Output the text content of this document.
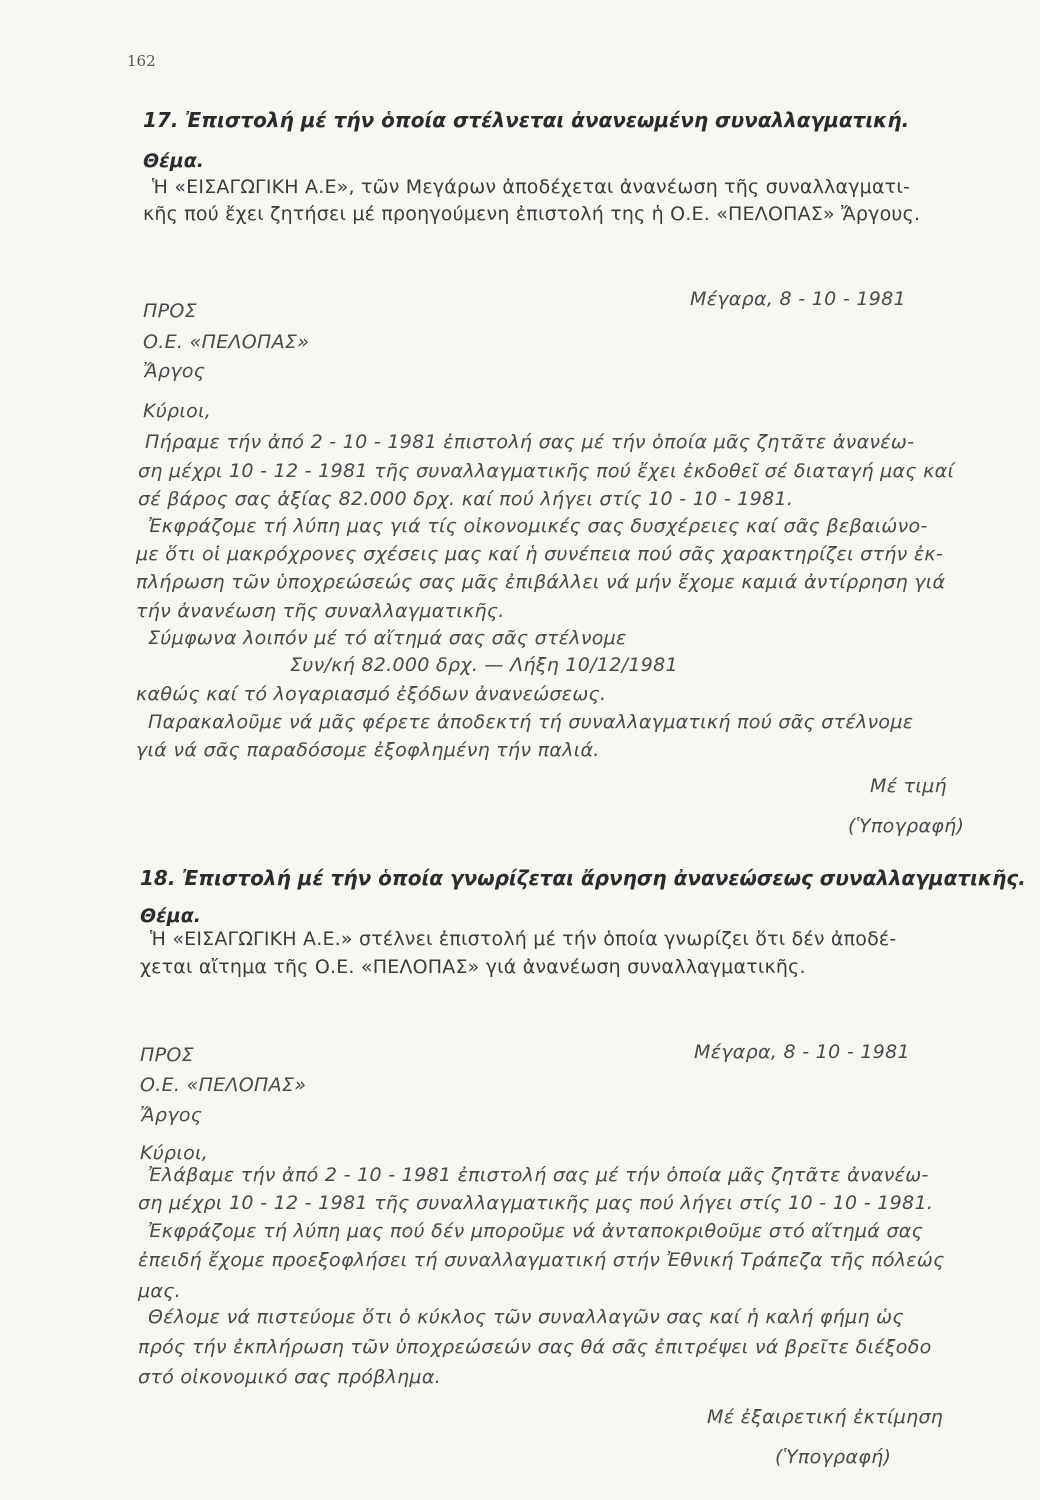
162
17. Ἐπιστολή μέ τήν ὁποία στέλνεται ἀνανεωμένη συναλλαγματική.
Θέμα.
Ἡ «ΕΙΣΑΓΩΓΙΚΗ Α.Ε», τῶν Μεγάρων ἀποδέχεται ἀνανέωση τῆς συναλλαγματι-
κῆς πού ἔχει ζητήσει μέ προηγούμενη ἐπιστολή της ἡ Ο.Ε. «ΠΕΛΟΠΑΣ» Ἄργους.
Μέγαρα, 8 - 10 - 1981
ΠΡΟΣ
Ο.Ε. «ΠΕΛΟΠΑΣ»
Ἄργος
Κύριοι,
Πήραμε τήν ἀπό 2 - 10 - 1981 ἐπιστολή σας μέ τήν ὁποία μᾶς ζητᾶτε ἀνανέω-
ση μέχρι 10 - 12 - 1981 τῆς συναλλαγματικῆς πού ἔχει ἐκδοθεῖ σέ διαταγή μας καί
σέ βάρος σας ἀξίας 82.000 δρχ. καί πού λήγει στίς 10 - 10 - 1981.
Ἐκφράζομε τή λύπη μας γιά τίς οἰκονομικές σας δυσχέρειες καί σᾶς βεβαιώνο-
με ὅτι οἱ μακρόχρονες σχέσεις μας καί ἡ συνέπεια πού σᾶς χαρακτηρίζει στήν ἐκ-
πλήρωση τῶν ὑποχρεώσεώς σας μᾶς ἐπιβάλλει νά μήν ἔχομε καμιά ἀντίρρηση γιά
τήν ἀνανέωση τῆς συναλλαγματικῆς.
Σύμφωνα λοιπόν μέ τό αἴτημά σας σᾶς στέλνομε
Συν/κή 82.000 δρχ. — Λήξη 10/12/1981
καθώς καί τό λογαριασμό ἐξόδων ἀνανεώσεως.
Παρακαλοῦμε νά μᾶς φέρετε ἀποδεκτή τή συναλλαγματική πού σᾶς στέλνομε
γιά νά σᾶς παραδόσομε ἐξοφλημένη τήν παλιά.
Μέ τιμή
(Ὑπογραφή)
18. Ἐπιστολή μέ τήν ὁποία γνωρίζεται ἄρνηση ἀνανεώσεως συναλλαγματικῆς.
Θέμα.
Ἡ «ΕΙΣΑΓΩΓΙΚΗ Α.Ε.» στέλνει ἐπιστολή μέ τήν ὁποία γνωρίζει ὅτι δέν ἀποδέ-
χεται αἴτημα τῆς Ο.Ε. «ΠΕΛΟΠΑΣ» γιά ἀνανέωση συναλλαγματικῆς.
ΠΡΟΣ	Μέγαρα, 8 - 10 - 1981
Ο.Ε. «ΠΕΛΟΠΑΣ»
Ἄργος
Κύριοι,
Ἐλάβαμε τήν ἀπό 2 - 10 - 1981 ἐπιστολή σας μέ τήν ὁποία μᾶς ζητᾶτε ἀνανέω-
ση μέχρι 10 - 12 - 1981 τῆς συναλλαγματικῆς μας πού λήγει στίς 10 - 10 - 1981.
Ἐκφράζομε τή λύπη μας πού δέν μποροῦμε νά ἀνταποκριθοῦμε στό αἴτημά σας
ἐπειδή ἔχομε προεξοφλήσει τή συναλλαγματική στήν Ἐθνική Τράπεζα τῆς πόλεώς
μας.
Θέλομε νά πιστεύομε ὅτι ὁ κύκλος τῶν συναλλαγῶν σας καί ἡ καλή φήμη ὡς
πρός τήν ἐκπλήρωση τῶν ὑποχρεώσεών σας θά σᾶς ἐπιτρέψει νά βρεῖτε διέξοδο
στό οἰκονομικό σας πρόβλημα.
Μέ ἐξαιρετική ἐκτίμηση
(Ὑπογραφή)
